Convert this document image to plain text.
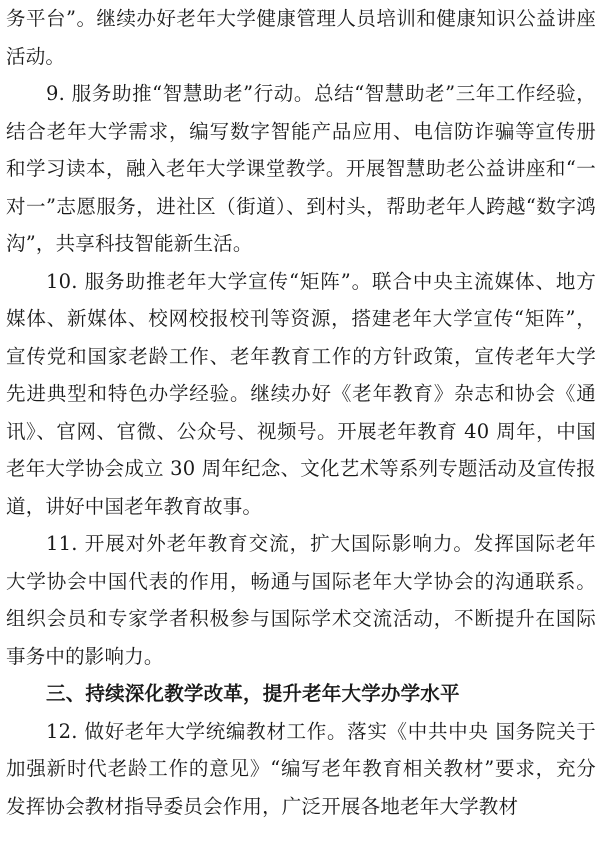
务平台”。继续办好老年大学健康管理人员培训和健康知识公益讲座活动。

9. 服务助推“智慧助老”行动。总结“智慧助老”三年工作经验，结合老年大学需求，编写数字智能产品应用、电信防诈骗等宣传册和学习读本，融入老年大学课堂教学。开展智慧助老公益讲座和“一对一”志愿服务，进社区（街道）、到村头，帮助老年人跨越“数字鸿沟”，共享科技智能新生活。

10. 服务助推老年大学宣传“矩阵”。联合中央主流媒体、地方媒体、新媒体、校网校报校刊等资源，搭建老年大学宣传“矩阵”，宣传党和国家老龄工作、老年教育工作的方针政策，宣传老年大学先进典型和特色办学经验。继续办好《老年教育》杂志和协会《通讯》、官网、官微、公众号、视频号。开展老年教育 40 周年，中国老年大学协会成立 30 周年纪念、文化艺术等系列专题活动及宣传报道，讲好中国老年教育故事。

11. 开展对外老年教育交流，扩大国际影响力。发挥国际老年大学协会中国代表的作用，畅通与国际老年大学协会的沟通联系。组织会员和专家学者积极参与国际学术交流活动，不断提升在国际事务中的影响力。

三、持续深化教学改革，提升老年大学办学水平

12. 做好老年大学统编教材工作。落实《中共中央 国务院关于加强新时代老龄工作的意见》“编写老年教育相关教材”要求，充分发挥协会教材指导委员会作用，广泛开展各地老年大学教材
